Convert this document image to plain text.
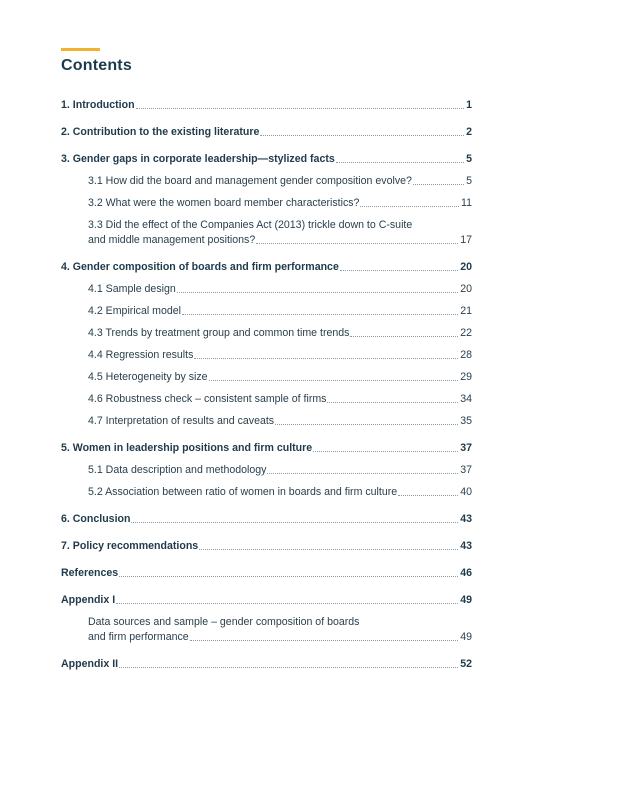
Contents
1. Introduction	1
2. Contribution to the existing literature	2
3. Gender gaps in corporate leadership—stylized facts	5
3.1 How did the board and management gender composition evolve?	5
3.2 What were the women board member characteristics?	11
3.3 Did the effect of the Companies Act (2013) trickle down to C-suite
and middle management positions?	17
4. Gender composition of boards and firm performance	20
4.1 Sample design	20
4.2 Empirical model	21
4.3 Trends by treatment group and common time trends	22
4.4 Regression results	28
4.5 Heterogeneity by size	29
4.6 Robustness check – consistent sample of firms	34
4.7 Interpretation of results and caveats	35
5. Women in leadership positions and firm culture	37
5.1 Data description and methodology	37
5.2 Association between ratio of women in boards and firm culture	40
6. Conclusion	43
7. Policy recommendations	43
References	46
Appendix I	49
Data sources and sample – gender composition of boards
and firm performance	49
Appendix II	52
